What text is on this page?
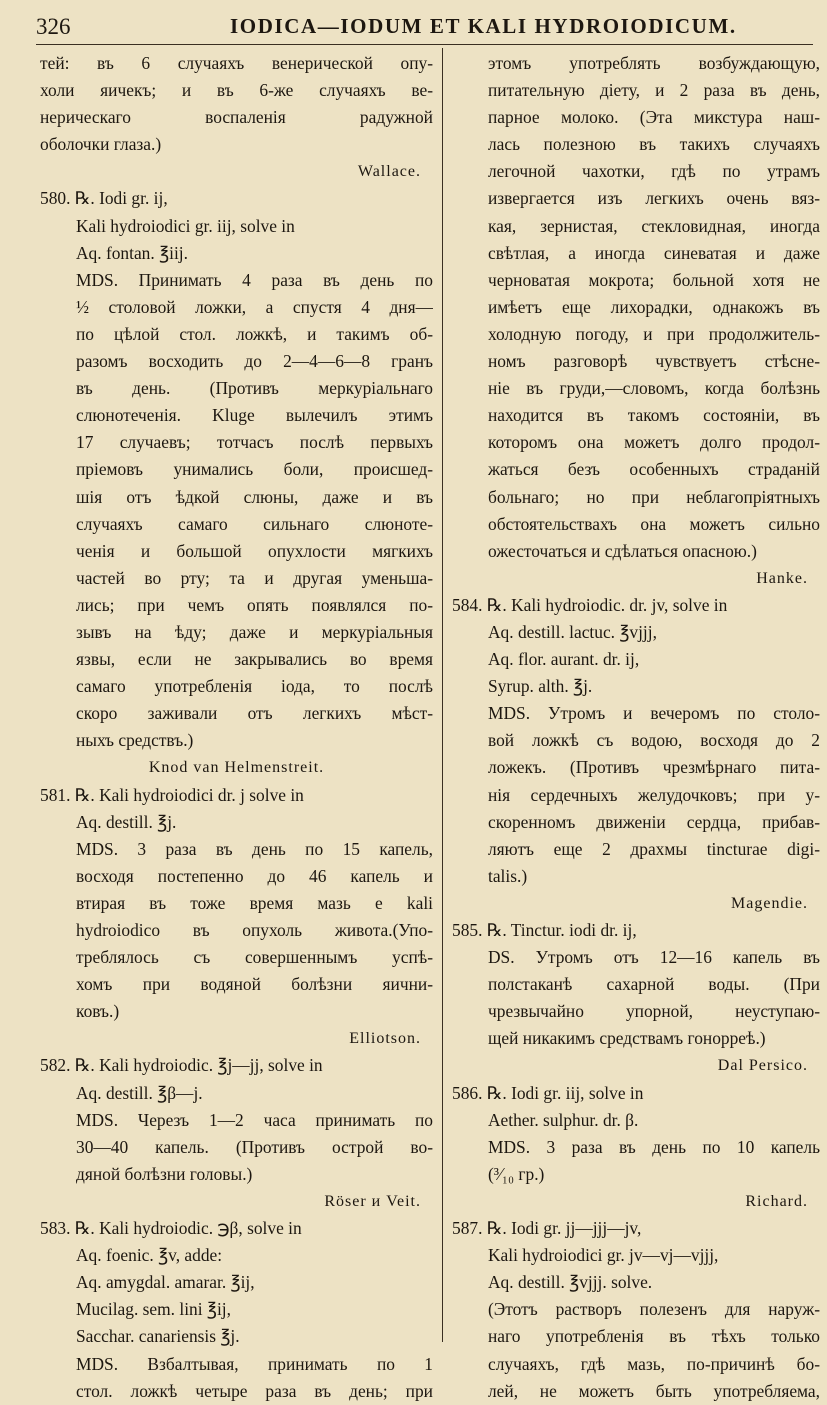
326	IODICA—IODUM ET KALI HYDROIODICUM.
тей: въ 6 случаяхъ венерической опу-
холи яичекъ; и въ 6-же случаяхъ ве-
нерическаго воспаленія радужной
оболочки глаза.)
Wallace.
580. ℞. Iodi gr. ij,
Kali hydroiodici gr. iij, solve in
Aq. fontan. ℥iij.
MDS. Принимать 4 раза въ день по
½ столовой ложки, а спустя 4 дня—
по цѣлой стол. ложкѣ, и такимъ об-
разомъ восходить до 2—4—6—8 гранъ
въ день. (Противъ меркуріальнаго
слюнотеченія. Kluge вылечилъ этимъ
17 случаевъ; тотчасъ послѣ первыхъ
пріемовъ унимались боли, происшед-
шія отъ ѣдкой слюны, даже и въ
случаяхъ самаго сильнаго слюноте-
ченія и большой опухлости мягкихъ
частей во рту; та и другая уменьша-
лись; при чемъ опять появлялся по-
зывъ на ѣду; даже и меркуріальныя
язвы, если не закрывались во время
самаго употребленія іода, то послѣ
скоро заживали отъ легкихъ мѣст-
ныхъ средствъ.)
Knod van Helmenstreit.
581. ℞. Kali hydroiodici dr. j solve in
Aq. destill. ℥j.
MDS. 3 раза въ день по 15 капель,
восходя постепенно до 46 капель и
втирая въ тоже время мазь е kali
hydroiodico въ опухоль живота.(Упо-
треблялось съ совершеннымъ успѣ-
хомъ при водяной болѣзни яични-
ковъ.)
Elliotson.
582. ℞. Kali hydroiodic. ℥j—jj, solve in
Aq. destill. ℥β—j.
MDS. Черезъ 1—2 часа принимать по
30—40 капель. (Противъ острой во-
дяной болѣзни головы.)
Röser и Veit.
583. ℞. Kali hydroiodic. ℈β, solve in
Aq. foenic. ℥v, adde:
Aq. amygdal. amarar. ℥ij,
Mucilag. sem. lini ℥ij,
Sacchar. canariensis ℥j.
MDS. Взбалтывая, принимать по 1
стол. ложкѣ четыре раза въ день; при
этомъ употреблять возбуждающую,
питательную діету, и 2 раза въ день,
парное молоко. (Эта микстура наш-
лась полезною въ такихъ случаяхъ
легочной чахотки, гдѣ по утрамъ
извергается изъ легкихъ очень вяз-
кая, зернистая, стекловидная, иногда
свѣтлая, а иногда синеватая и даже
черноватая мокрота; больной хотя не
имѣетъ еще лихорадки, однакожъ въ
холодную погоду, и при продолжитель-
номъ разговорѣ чувствуетъ стѣсне-
ніе въ груди,—словомъ, когда болѣзнь
находится въ такомъ состояніи, въ
которомъ она можетъ долго продол-
жаться безъ особенныхъ страданій
больнаго; но при неблагопріятныхъ
обстоятельствахъ она можетъ сильно
ожесточаться и сдѣлаться опасною.)
Hanke.
584. ℞. Kali hydroiodic. dr. jv, solve in
Aq. destill. lactuc. ℥vjjj,
Aq. flor. aurant. dr. ij,
Syrup. alth. ℥j.
MDS. Утромъ и вечеромъ по столо-
вой ложкѣ съ водою, восходя до 2
ложекъ. (Противъ чрезмѣрнаго пита-
нія сердечныхъ желудочковъ; при у-
скоренномъ движеніи сердца, прибав-
ляютъ еще 2 драхмы tincturae digi-
talis.)
Magendie.
585. ℞. Tinctur. iodi dr. ij,
DS. Утромъ отъ 12—16 капель въ
полстаканѣ сахарной воды. (При
чрезвычайно упорной, неуступаю-
щей никакимъ средствамъ гонорреѣ.)
Dal Persico.
586. ℞. Iodi gr. iij, solve in
Aether. sulphur. dr. β.
MDS. 3 раза въ день по 10 капель
(³⁄₁₀ гр.)
Richard.
587. ℞. Iodi gr. jj—jjj—jv,
Kali hydroiodici gr. jv—vj—vjjj,
Aq. destill. ℥vjjj. solve.
(Этотъ растворъ полезенъ для наруж-
наго употребленія въ тѣхъ только
случаяхъ, гдѣ мазь, по-причинѣ бо-
лей, не можетъ быть употребляема,
